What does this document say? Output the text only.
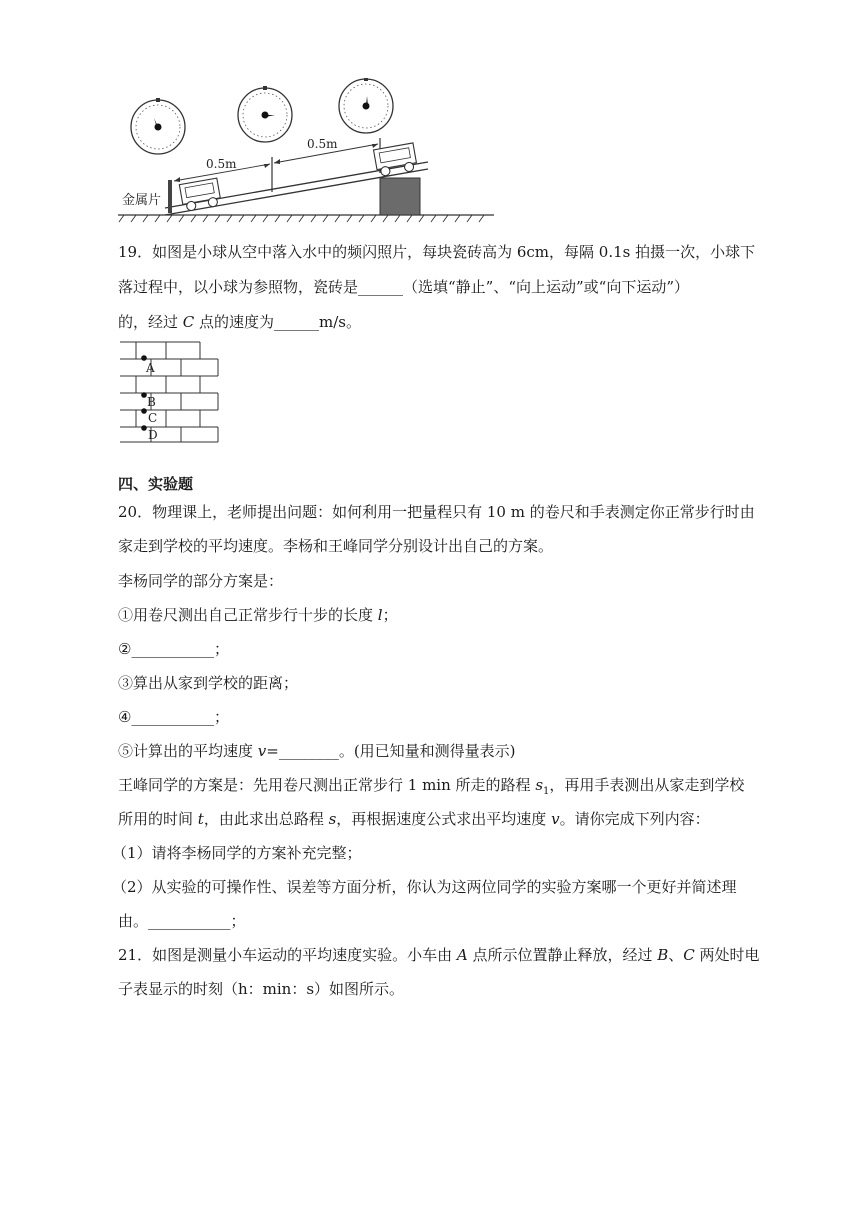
0.5m
0.5m
金属片
19．如图是小球从空中落入水中的频闪照片，每块瓷砖高为 6cm，每隔 0.1s 拍摄一次，小球下
落过程中，以小球为参照物，瓷砖是______（选填“静止”、“向上运动”或“向下运动”）
的，经过 C 点的速度为______m/s。
A
B
C
D
四、实验题
20．物理课上，老师提出问题：如何利用一把量程只有 10 m 的卷尺和手表测定你正常步行时由
家走到学校的平均速度。李杨和王峰同学分别设计出自己的方案。
李杨同学的部分方案是：
①用卷尺测出自己正常步行十步的长度 l；
②___________；
③算出从家到学校的距离；
④___________；
⑤计算出的平均速度 v=________。(用已知量和测得量表示)
王峰同学的方案是：先用卷尺测出正常步行 1 min 所走的路程 $s_1$，再用手表测出从家走到学校
所用的时间 t，由此求出总路程 s，再根据速度公式求出平均速度 v。请你完成下列内容：
（1）请将李杨同学的方案补充完整；
（2）从实验的可操作性、误差等方面分析，你认为这两位同学的实验方案哪一个更好并简述理
由。___________；
21．如图是测量小车运动的平均速度实验。小车由 A 点所示位置静止释放，经过 B、C 两处时电
子表显示的时刻（h：min：s）如图所示。
